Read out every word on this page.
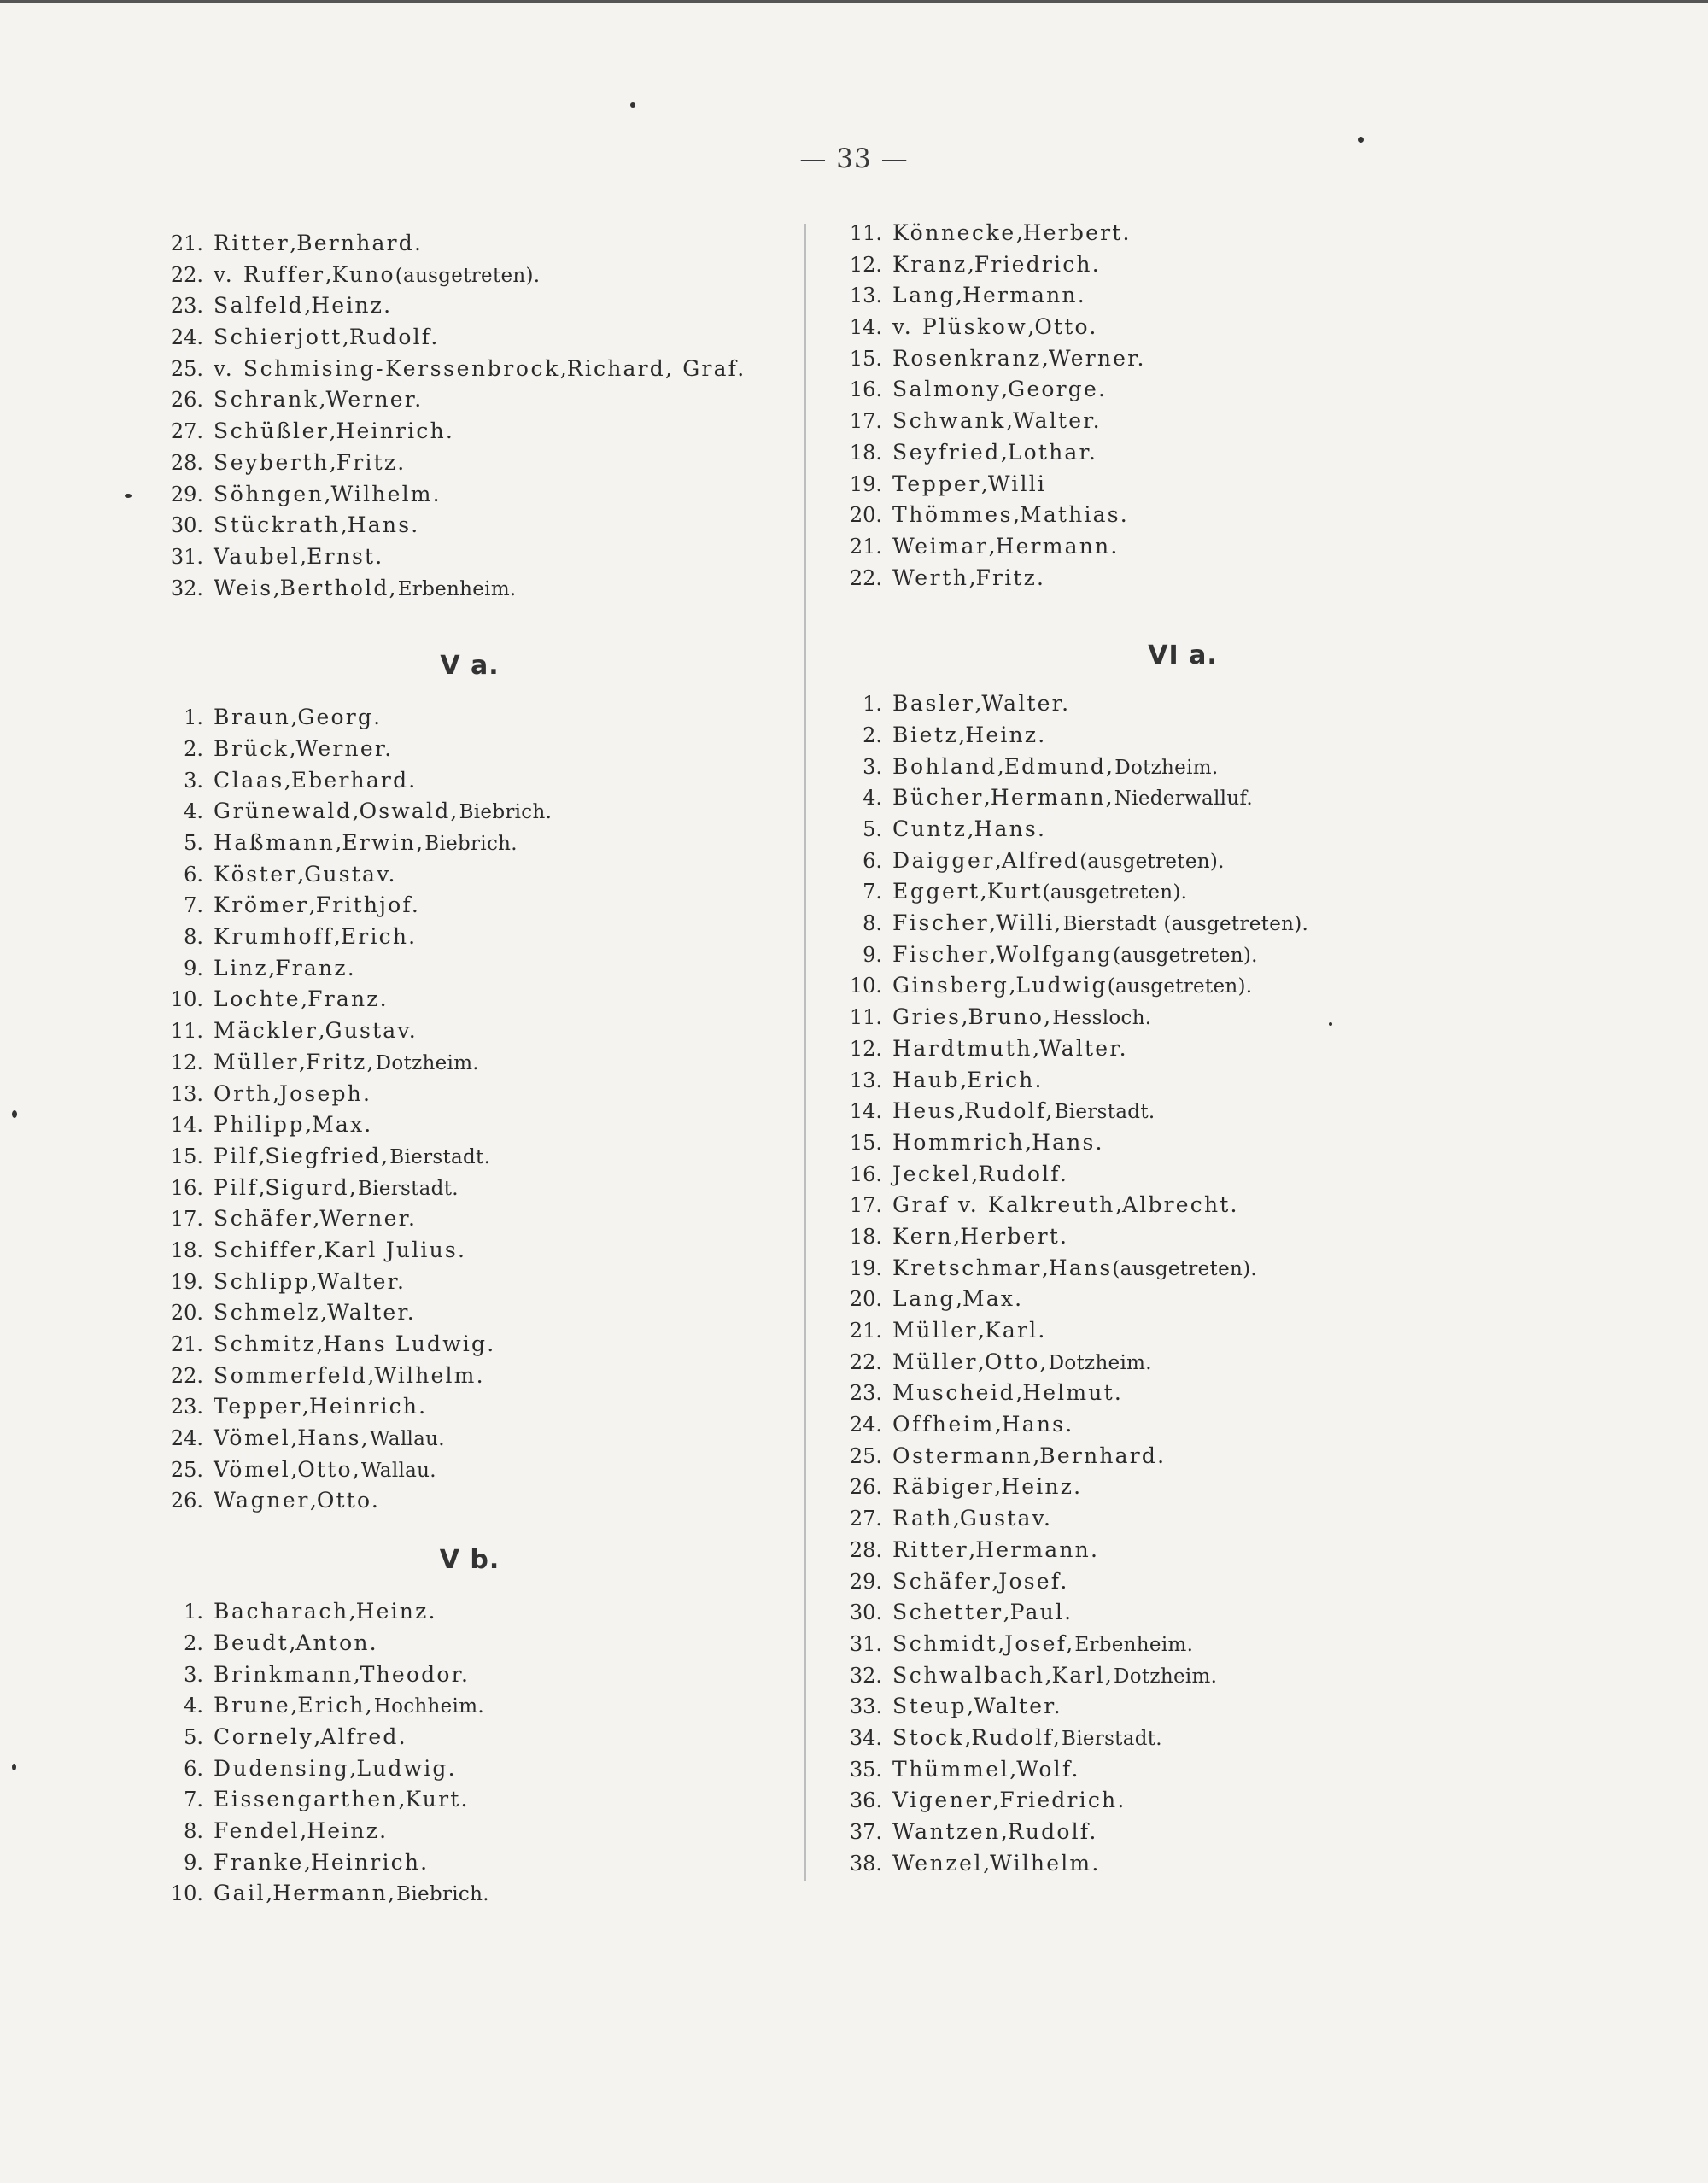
— 33 —
21. Ritter , Bernhard.
22. v. Ruffer , Kuno (ausgetreten).
23. Salfeld , Heinz.
24. Schierjott , Rudolf.
25. v. Schmising-Kerssenbrock , Richard, Graf.
26. Schrank , Werner.
27. Schüßler , Heinrich.
28. Seyberth , Fritz.
29. Söhngen , Wilhelm.
30. Stückrath , Hans.
31. Vaubel , Ernst.
32. Weis , Berthold, Erbenheim.
V a.
1. Braun , Georg.
2. Brück , Werner.
3. Claas , Eberhard.
4. Grünewald , Oswald, Biebrich.
5. Haßmann , Erwin, Biebrich.
6. Köster , Gustav.
7. Krömer , Frithjof.
8. Krumhoff , Erich.
9. Linz , Franz.
10. Lochte , Franz.
11. Mäckler , Gustav.
12. Müller , Fritz, Dotzheim.
13. Orth , Joseph.
14. Philipp , Max.
15. Pilf , Siegfried, Bierstadt.
16. Pilf , Sigurd, Bierstadt.
17. Schäfer , Werner.
18. Schiffer , Karl Julius.
19. Schlipp , Walter.
20. Schmelz , Walter.
21. Schmitz , Hans Ludwig.
22. Sommerfeld , Wilhelm.
23. Tepper , Heinrich.
24. Vömel , Hans, Wallau.
25. Vömel , Otto, Wallau.
26. Wagner , Otto.
V b.
1. Bacharach , Heinz.
2. Beudt , Anton.
3. Brinkmann , Theodor.
4. Brune , Erich, Hochheim.
5. Cornely , Alfred.
6. Dudensing , Ludwig.
7. Eissengarthen , Kurt.
8. Fendel , Heinz.
9. Franke , Heinrich.
10. Gail , Hermann, Biebrich.
11. Könnecke , Herbert.
12. Kranz , Friedrich.
13. Lang , Hermann.
14. v. Plüskow , Otto.
15. Rosenkranz , Werner.
16. Salmony , George.
17. Schwank , Walter.
18. Seyfried , Lothar.
19. Tepper , Willi
20. Thömmes , Mathias.
21. Weimar , Hermann.
22. Werth , Fritz.
VI a.
1. Basler , Walter.
2. Bietz , Heinz.
3. Bohland , Edmund, Dotzheim.
4. Bücher , Hermann, Niederwalluf.
5. Cuntz , Hans.
6. Daigger , Alfred (ausgetreten).
7. Eggert , Kurt (ausgetreten).
8. Fischer , Willi, Bierstadt (ausgetreten).
9. Fischer , Wolfgang (ausgetreten).
10. Ginsberg , Ludwig (ausgetreten).
11. Gries , Bruno, Hessloch.
12. Hardtmuth , Walter.
13. Haub , Erich.
14. Heus , Rudolf, Bierstadt.
15. Hommrich , Hans.
16. Jeckel , Rudolf.
17. Graf v. Kalkreuth , Albrecht.
18. Kern , Herbert.
19. Kretschmar , Hans (ausgetreten).
20. Lang , Max.
21. Müller , Karl.
22. Müller , Otto, Dotzheim.
23. Muscheid , Helmut.
24. Offheim , Hans.
25. Ostermann , Bernhard.
26. Räbiger , Heinz.
27. Rath , Gustav.
28. Ritter , Hermann.
29. Schäfer , Josef.
30. Schetter , Paul.
31. Schmidt , Josef, Erbenheim.
32. Schwalbach , Karl, Dotzheim.
33. Steup , Walter.
34. Stock , Rudolf, Bierstadt.
35. Thümmel , Wolf.
36. Vigener , Friedrich.
37. Wantzen , Rudolf.
38. Wenzel , Wilhelm.
